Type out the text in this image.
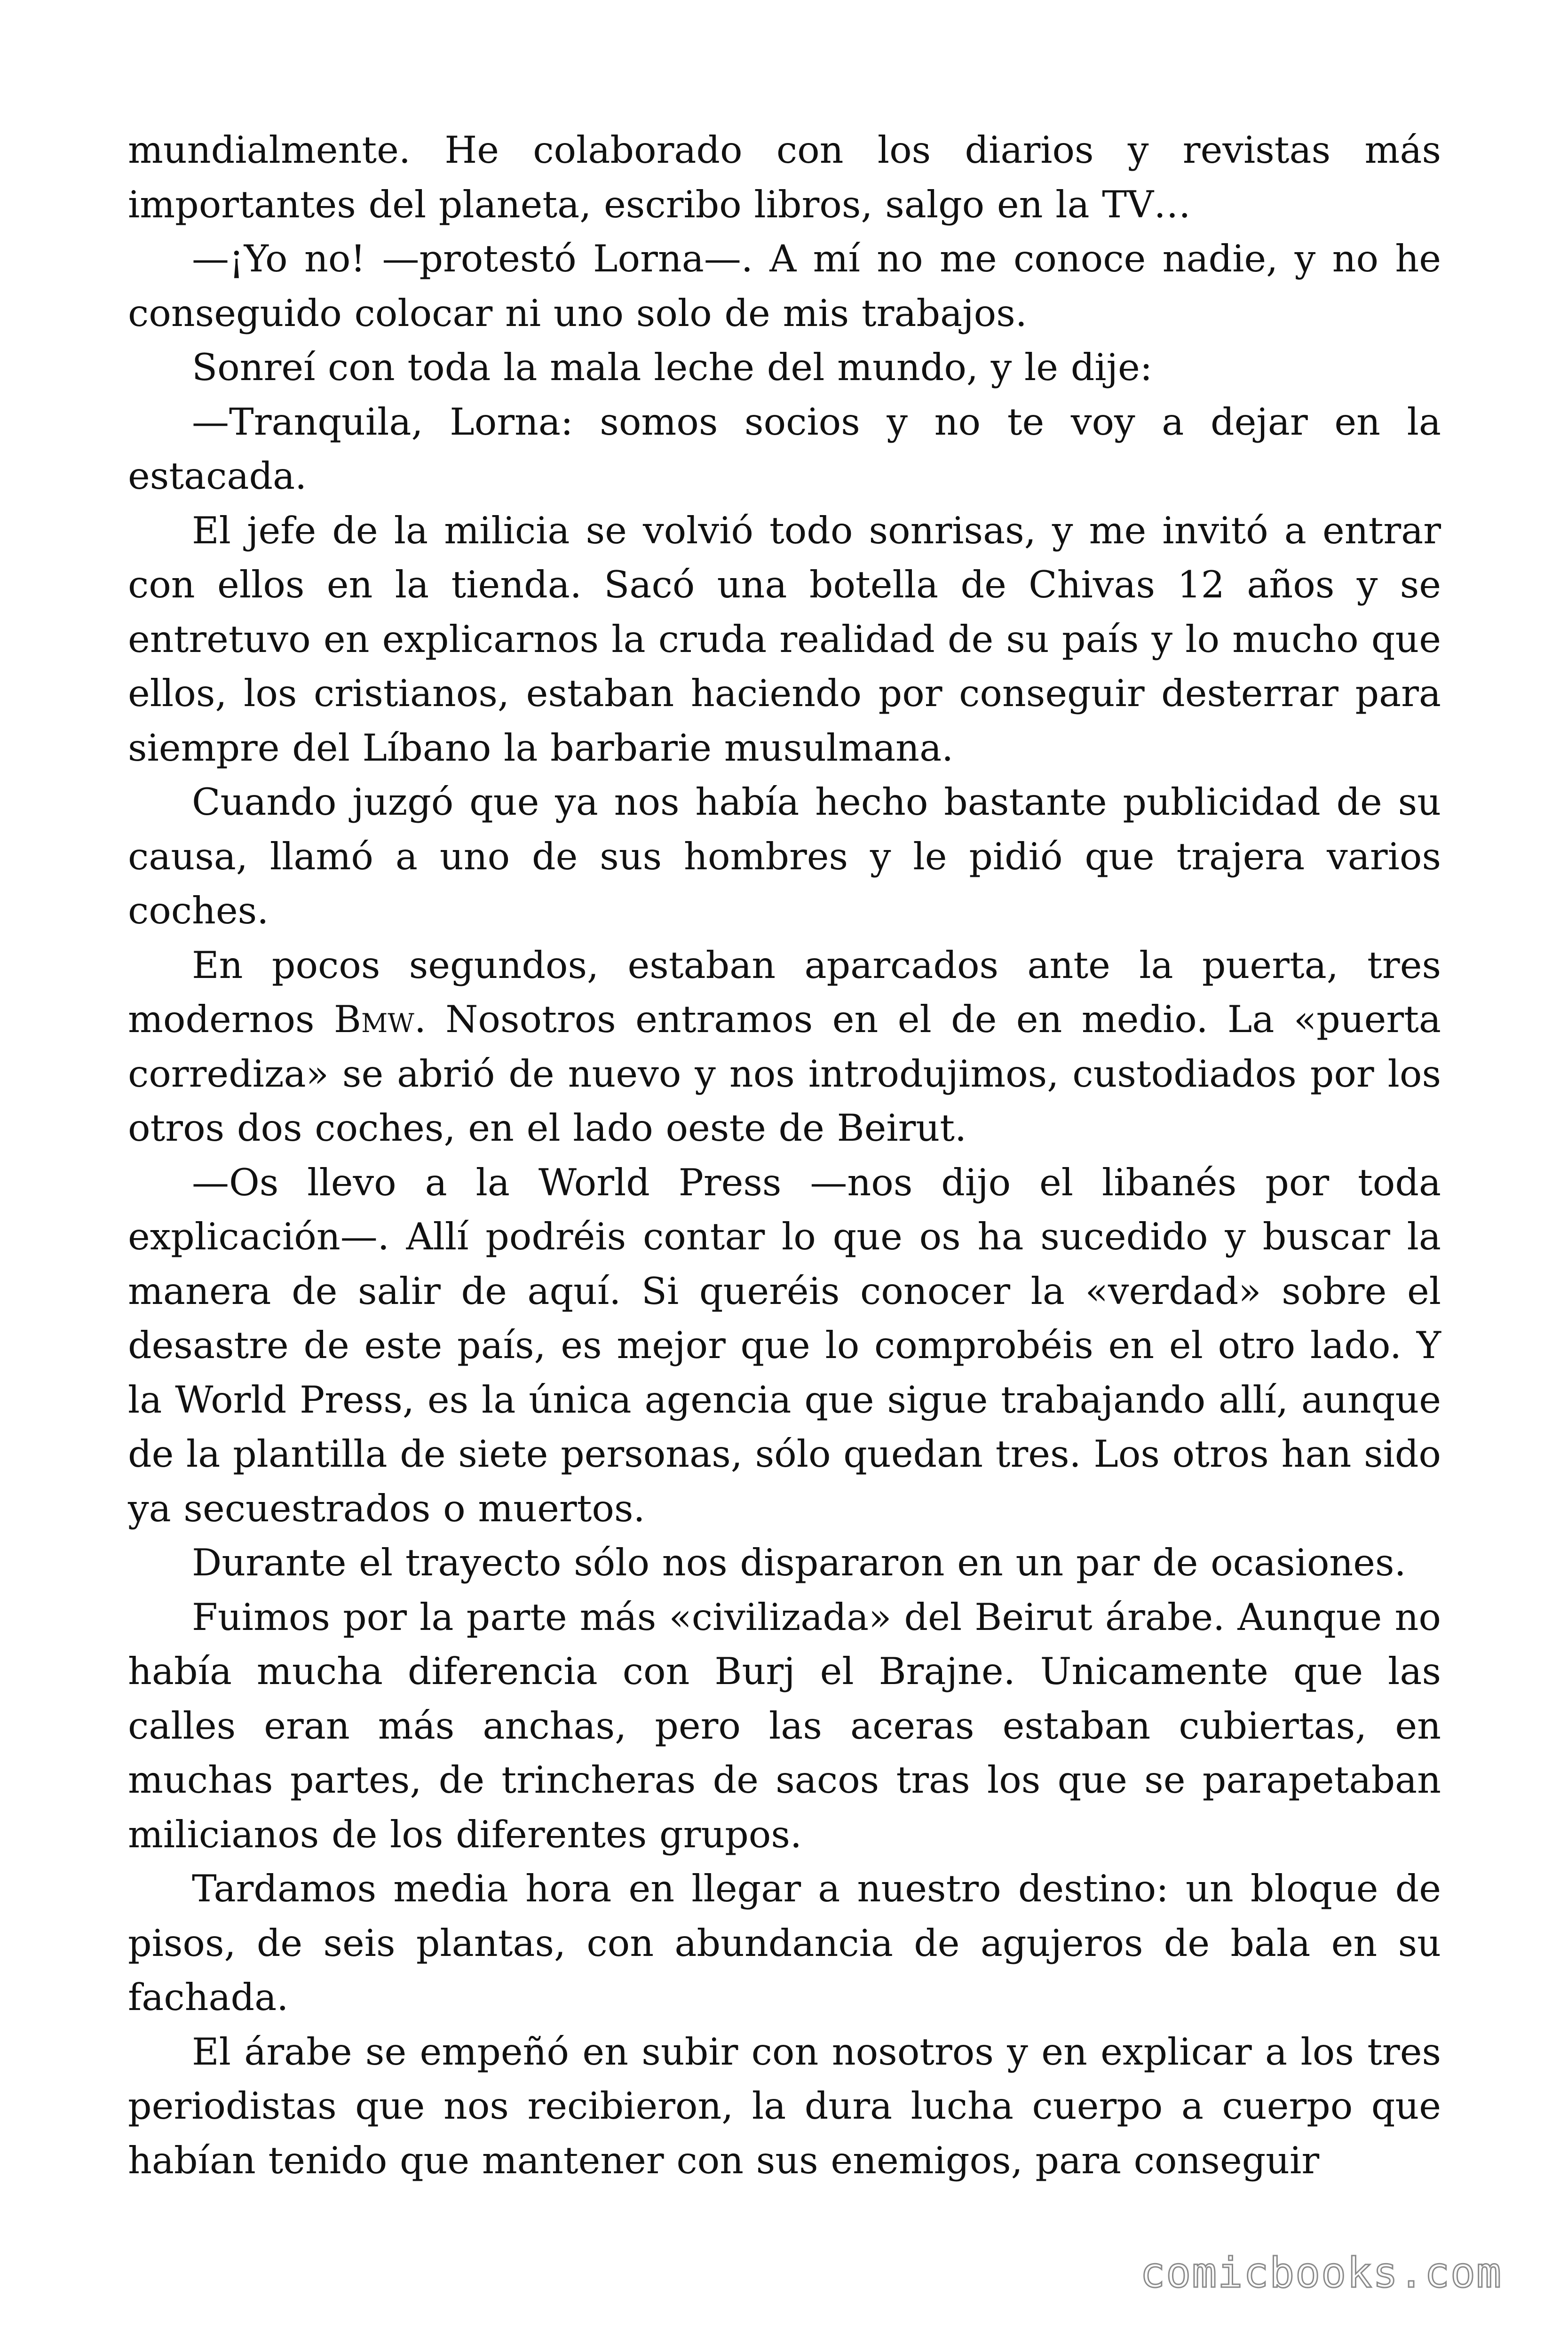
mundialmente. He colaborado con los diarios y revistas más importantes del planeta, escribo libros, salgo en la TV…

—¡Yo no! —protestó Lorna—. A mí no me conoce nadie, y no he conseguido colocar ni uno solo de mis trabajos.

Sonreí con toda la mala leche del mundo, y le dije:

—Tranquila, Lorna: somos socios y no te voy a dejar en la estacada.

El jefe de la milicia se volvió todo sonrisas, y me invitó a entrar con ellos en la tienda. Sacó una botella de Chivas 12 años y se entretuvo en explicarnos la cruda realidad de su país y lo mucho que ellos, los cristianos, estaban haciendo por conseguir desterrar para siempre del Líbano la barbarie musulmana.

Cuando juzgó que ya nos había hecho bastante publicidad de su causa, llamó a uno de sus hombres y le pidió que trajera varios coches.

En pocos segundos, estaban aparcados ante la puerta, tres modernos Bmw. Nosotros entramos en el de en medio. La «puerta corrediza» se abrió de nuevo y nos introdujimos, custodiados por los otros dos coches, en el lado oeste de Beirut.

—Os llevo a la World Press —nos dijo el libanés por toda explicación—. Allí podréis contar lo que os ha sucedido y buscar la manera de salir de aquí. Si queréis conocer la «verdad» sobre el desastre de este país, es mejor que lo comprobéis en el otro lado. Y la World Press, es la única agencia que sigue trabajando allí, aunque de la plantilla de siete personas, sólo quedan tres. Los otros han sido ya secuestrados o muertos.

Durante el trayecto sólo nos dispararon en un par de ocasiones.

Fuimos por la parte más «civilizada» del Beirut árabe. Aunque no había mucha diferencia con Burj el Brajne. Unicamente que las calles eran más anchas, pero las aceras estaban cubiertas, en muchas partes, de trincheras de sacos tras los que se parapetaban milicianos de los diferentes grupos.

Tardamos media hora en llegar a nuestro destino: un bloque de pisos, de seis plantas, con abundancia de agujeros de bala en su fachada.

El árabe se empeñó en subir con nosotros y en explicar a los tres periodistas que nos recibieron, la dura lucha cuerpo a cuerpo que habían tenido que mantener con sus enemigos, para conseguir

comicbooks.com
